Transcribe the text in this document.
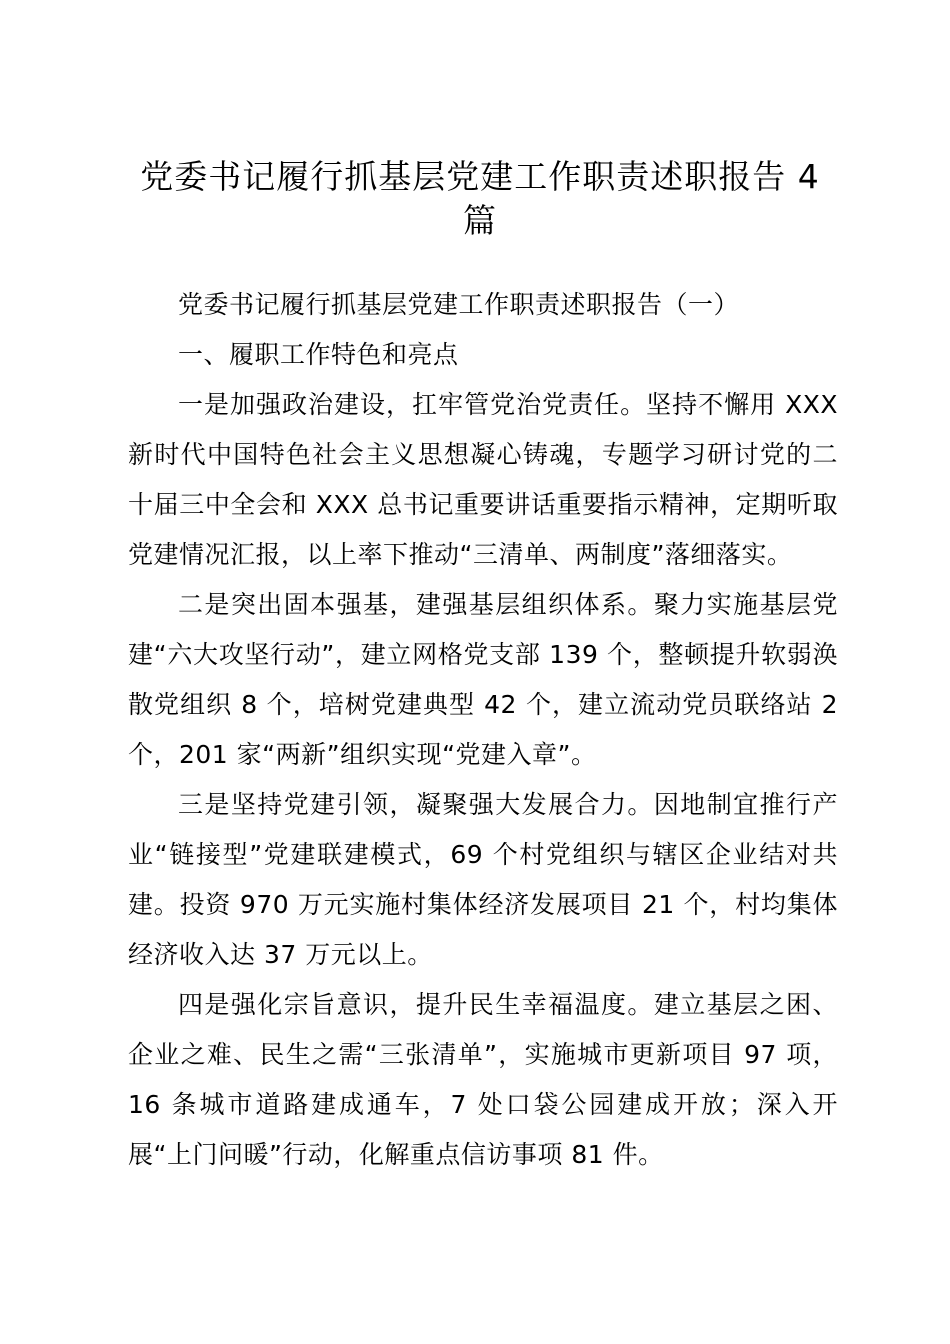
党委书记履行抓基层党建工作职责述职报告 4 篇

党委书记履行抓基层党建工作职责述职报告（一）

一、履职工作特色和亮点

一是加强政治建设，扛牢管党治党责任。坚持不懈用 XXX 新时代中国特色社会主义思想凝心铸魂，专题学习研讨党的二十届三中全会和 XXX 总书记重要讲话重要指示精神，定期听取党建情况汇报，以上率下推动“三清单、两制度”落细落实。

二是突出固本强基，建强基层组织体系。聚力实施基层党建“六大攻坚行动”，建立网格党支部 139 个，整顿提升软弱涣散党组织 8 个，培树党建典型 42 个，建立流动党员联络站 2 个，201 家“两新”组织实现“党建入章”。

三是坚持党建引领，凝聚强大发展合力。因地制宜推行产业“链接型”党建联建模式，69 个村党组织与辖区企业结对共建。投资 970 万元实施村集体经济发展项目 21 个，村均集体经济收入达 37 万元以上。

四是强化宗旨意识，提升民生幸福温度。建立基层之困、企业之难、民生之需“三张清单”，实施城市更新项目 97 项，16 条城市道路建成通车，7 处口袋公园建成开放；深入开展“上门问暖”行动，化解重点信访事项 81 件。
